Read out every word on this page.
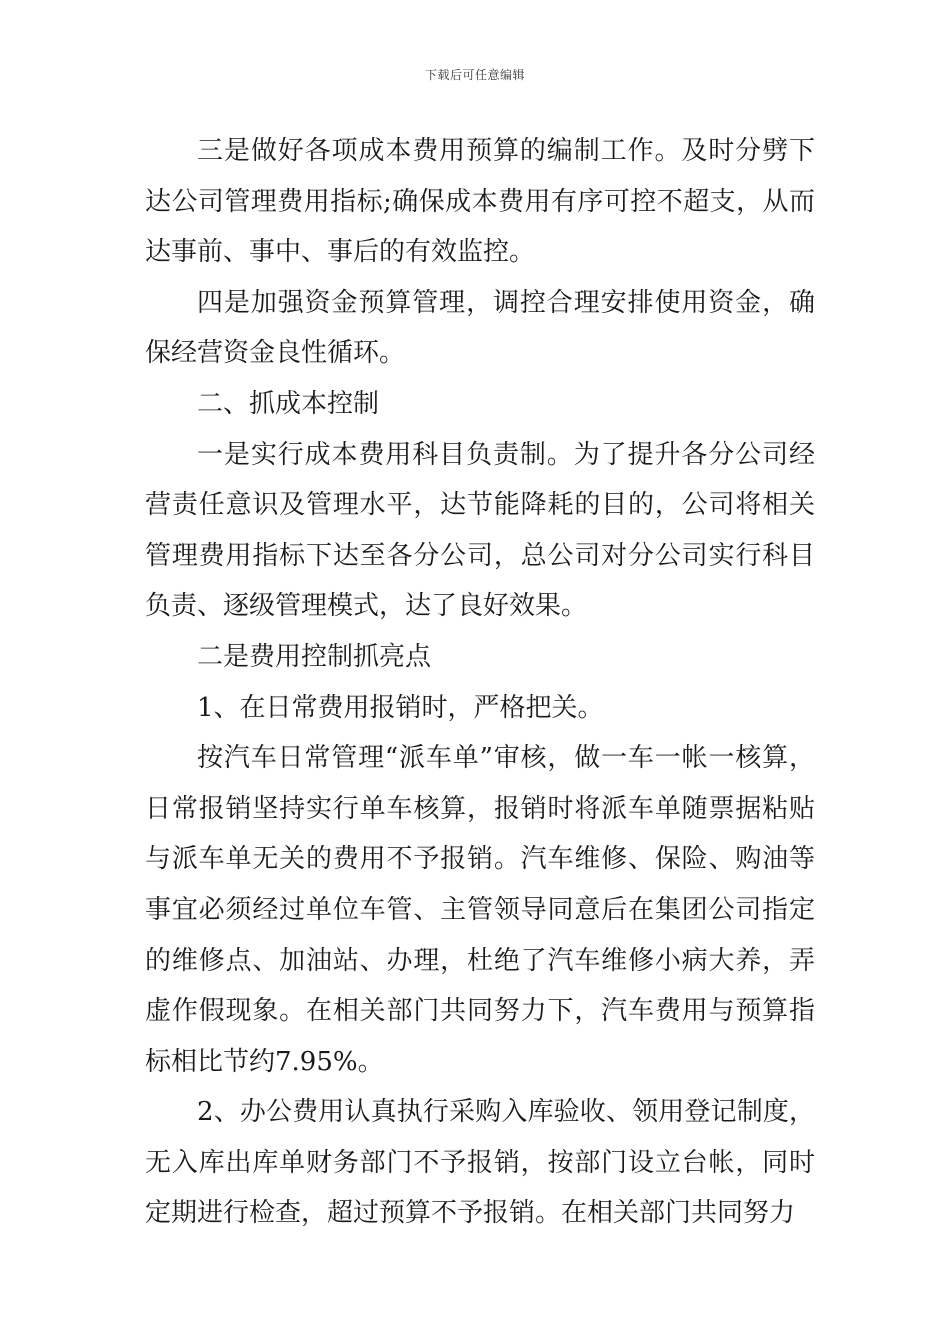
下载后可任意编辑

三是做好各项成本费用预算的编制工作。及时分劈下达公司管理费用指标;确保成本费用有序可控不超支，从而达事前、事中、事后的有效监控。

四是加强资金预算管理，调控合理安排使用资金，确保经营资金良性循环。

二、抓成本控制

一是实行成本费用科目负责制。为了提升各分公司经营责任意识及管理水平，达节能降耗的目的，公司将相关管理费用指标下达至各分公司，总公司对分公司实行科目负责、逐级管理模式，达了良好效果。

二是费用控制抓亮点

1、在日常费用报销时，严格把关。

按汽车日常管理“派车单”审核，做一车一帐一核算，日常报销坚持实行单车核算，报销时将派车单随票据粘贴与派车单无关的费用不予报销。汽车维修、保险、购油等事宜必须经过单位车管、主管领导同意后在集团公司指定的维修点、加油站、办理，杜绝了汽车维修小病大养，弄虚作假现象。在相关部门共同努力下，汽车费用与预算指标相比节约7.95%。

2、办公费用认真执行采购入库验收、领用登记制度，无入库出库单财务部门不予报销，按部门设立台帐，同时定期进行检查，超过预算不予报销。在相关部门共同努力
